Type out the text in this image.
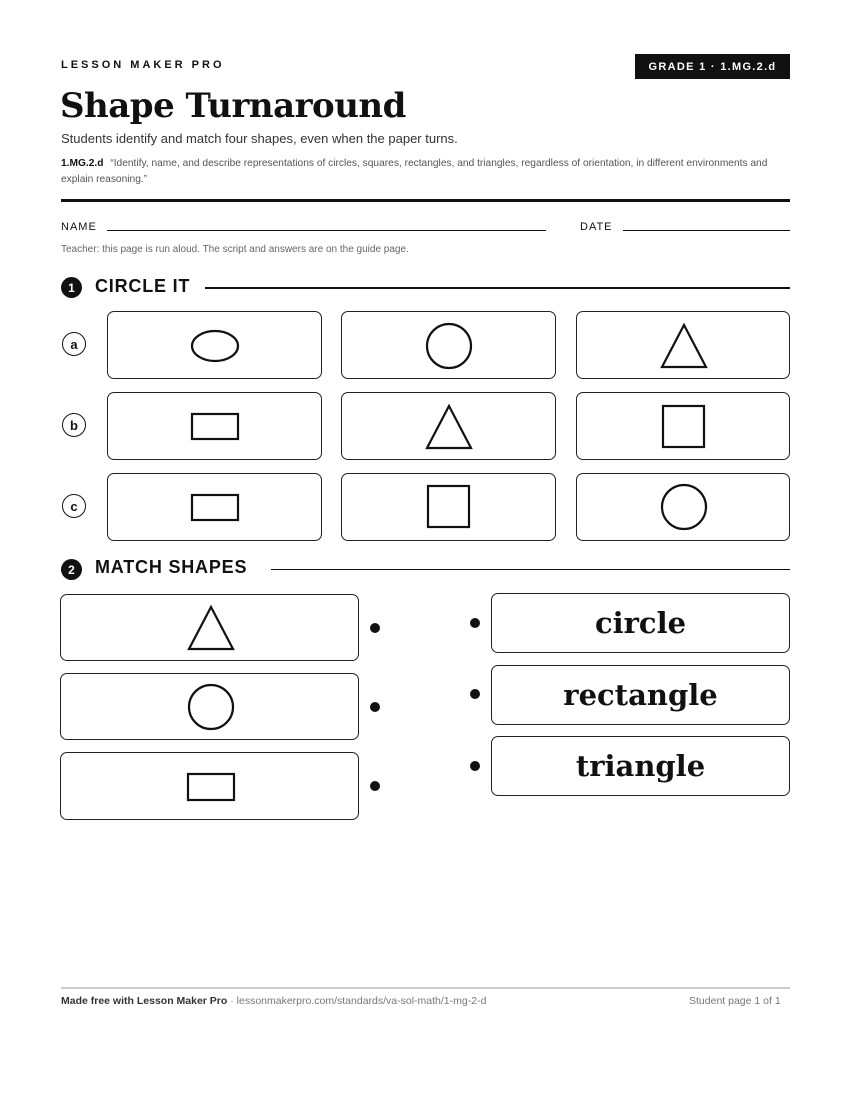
LESSON MAKER PRO	GRADE 1 · 1.MG.2.d
Shape Turnaround
Students identify and match four shapes, even when the paper turns.
1.MG.2.d “Identify, name, and describe representations of circles, squares, rectangles, and triangles, regardless of orientation, in different environments and explain reasoning.”
NAME	DATE
Teacher: this page is run aloud. The script and answers are on the guide page.
1	CIRCLE IT
a
b
c
2	MATCH SHAPES
circle
rectangle
triangle
Made free with Lesson Maker Pro · lessonmakerpro.com/standards/va-sol-math/1-mg-2-d	Student page 1 of 1
